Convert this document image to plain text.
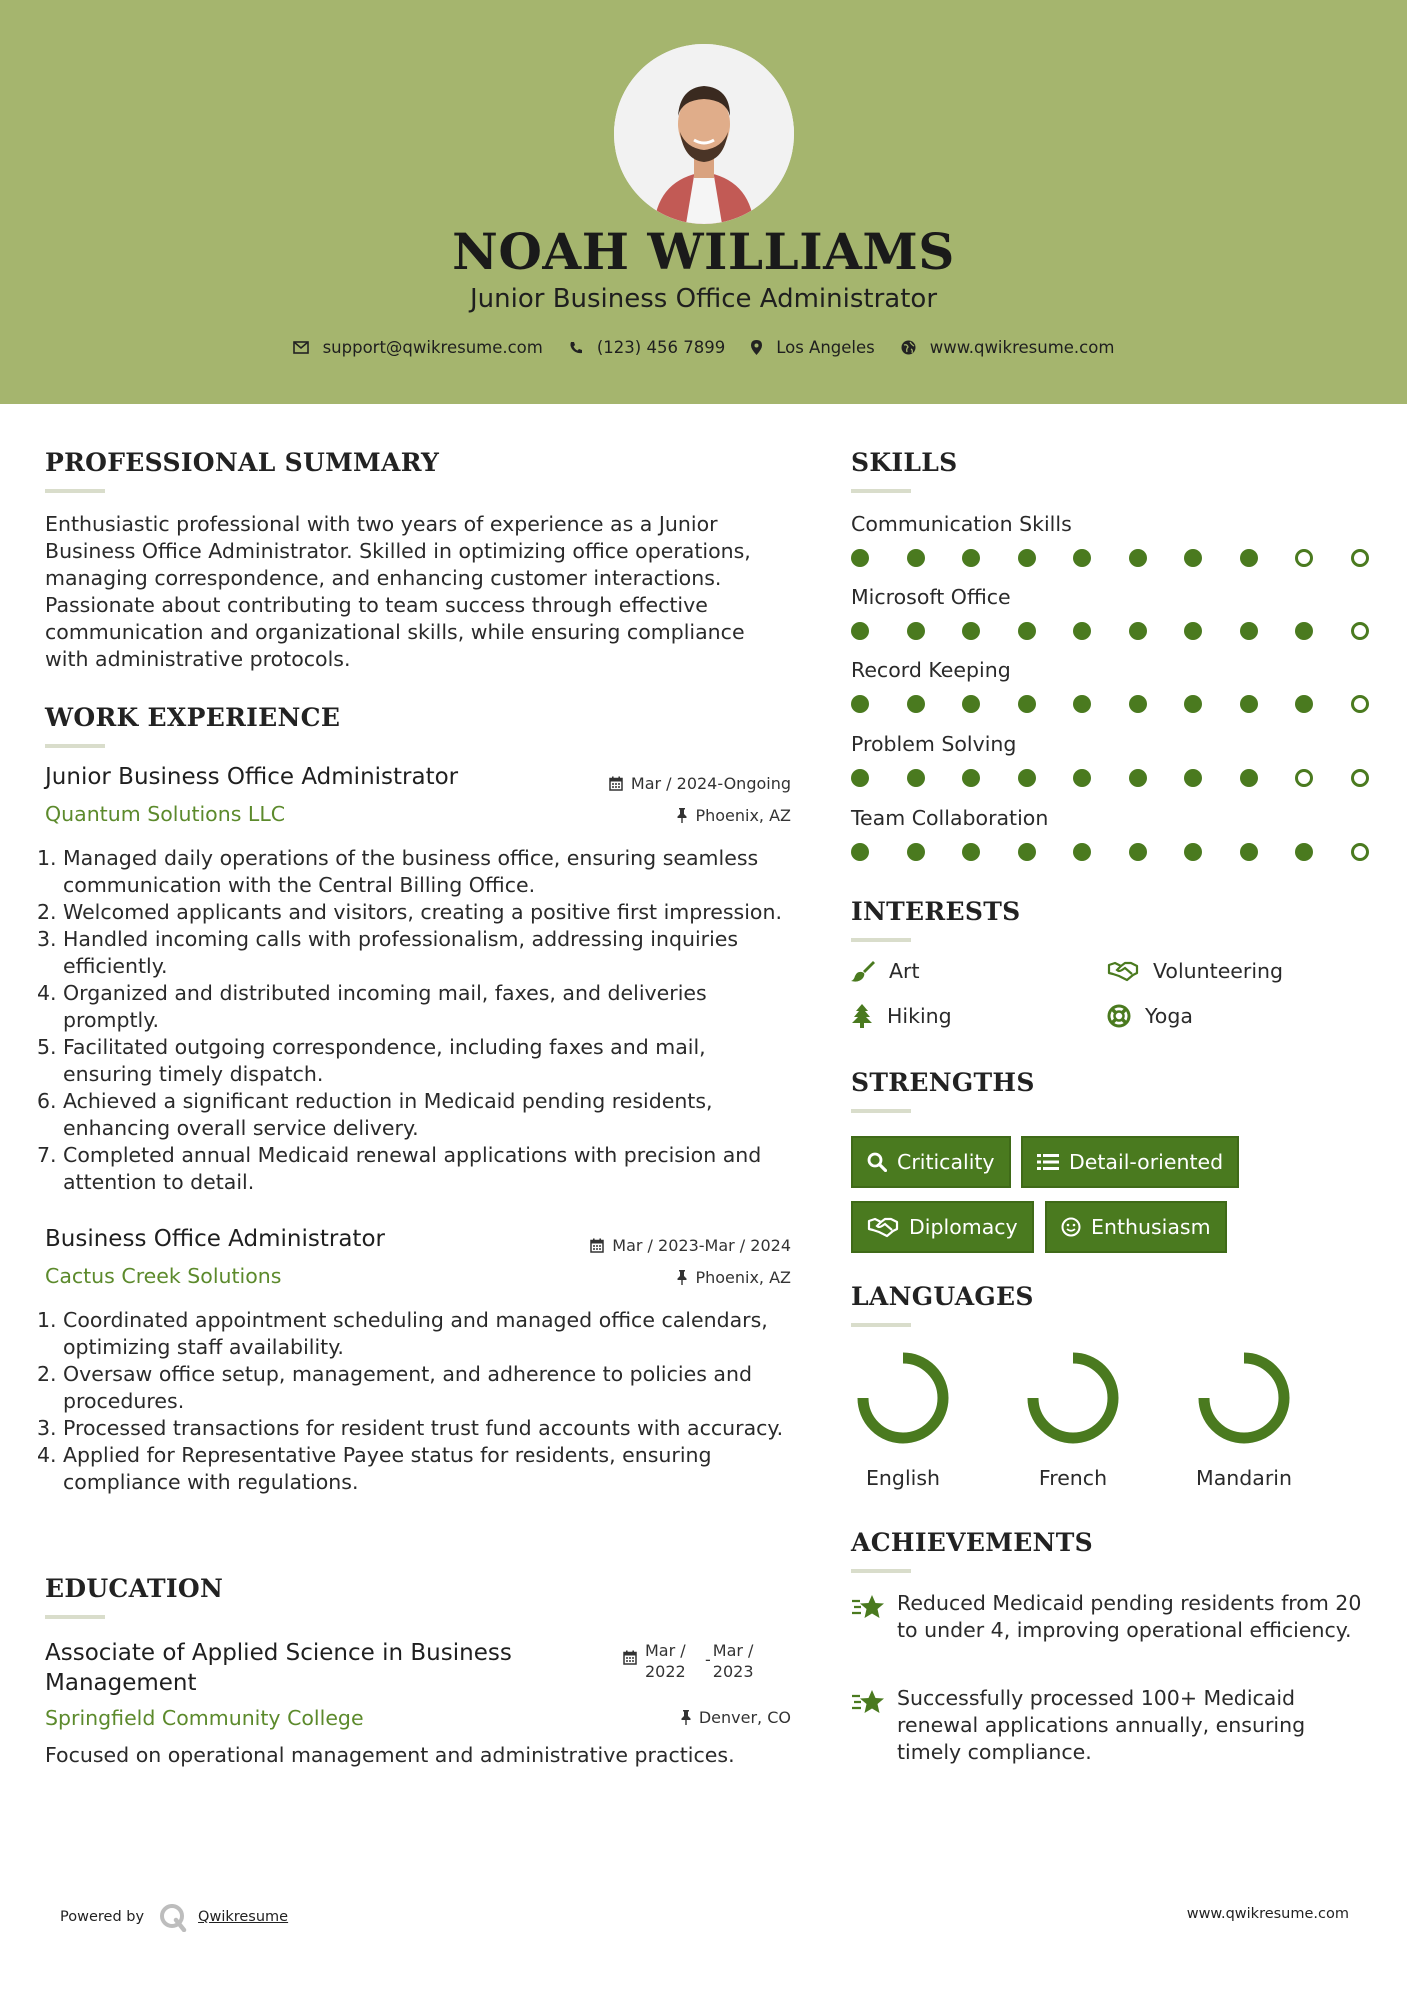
NOAH WILLIAMS
Junior Business Office Administrator
support@qwikresume.com	(123) 456 7899	Los Angeles	www.qwikresume.com
PROFESSIONAL SUMMARY
Enthusiastic professional with two years of experience as a Junior Business Office Administrator. Skilled in optimizing office operations, managing correspondence, and enhancing customer interactions. Passionate about contributing to team success through effective communication and organizational skills, while ensuring compliance with administrative protocols.
WORK EXPERIENCE
Junior Business Office Administrator	Mar / 2024-Ongoing
Quantum Solutions LLC	Phoenix, AZ
1. Managed daily operations of the business office, ensuring seamless communication with the Central Billing Office.
2. Welcomed applicants and visitors, creating a positive first impression.
3. Handled incoming calls with professionalism, addressing inquiries efficiently.
4. Organized and distributed incoming mail, faxes, and deliveries promptly.
5. Facilitated outgoing correspondence, including faxes and mail, ensuring timely dispatch.
6. Achieved a significant reduction in Medicaid pending residents, enhancing overall service delivery.
7. Completed annual Medicaid renewal applications with precision and attention to detail.
Business Office Administrator	Mar / 2023-Mar / 2024
Cactus Creek Solutions	Phoenix, AZ
1. Coordinated appointment scheduling and managed office calendars, optimizing staff availability.
2. Oversaw office setup, management, and adherence to policies and procedures.
3. Processed transactions for resident trust fund accounts with accuracy.
4. Applied for Representative Payee status for residents, ensuring compliance with regulations.
EDUCATION
Associate of Applied Science in Business Management
Mar / 2022
- Mar / 2023
Springfield Community College	Denver, CO
Focused on operational management and administrative practices.
SKILLS
Communication Skills
Microsoft Office
Record Keeping
Problem Solving
Team Collaboration
INTERESTS
Art	Volunteering
Hiking	Yoga
STRENGTHS
Criticality	Detail-oriented
Diplomacy	Enthusiasm
LANGUAGES
English	French	Mandarin
ACHIEVEMENTS
Reduced Medicaid pending residents from 20 to under 4, improving operational efficiency.
Successfully processed 100+ Medicaid renewal applications annually, ensuring timely compliance.
Powered by	Qwikresume	www.qwikresume.com
